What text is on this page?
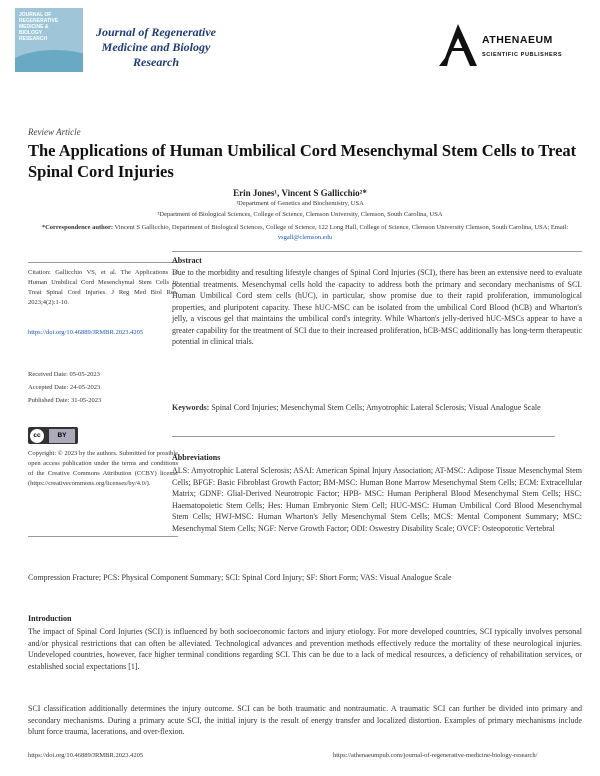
JOURNAL OF
REGENERATIVE
MEDICINE &
BIOLOGY
RESEARCH	Journal of Regenerative Medicine and Biology Research
ATHENAEUM
SCIENTIFIC PUBLISHERS
Review Article
The Applications of Human Umbilical Cord Mesenchymal Stem Cells to Treat Spinal Cord Injuries
Erin Jones¹, Vincent S Gallicchio²*
¹Department of Genetics and Biochemistry, USA
²Department of Biological Sciences, College of Science, Clemson University, Clemson, South Carolina, USA
*Correspondence author: Vincent S Gallicchio, Department of Biological Sciences, College of Science, 122 Long Hall, College of Science, Clemson University Clemson, South Carolina, USA; Email: vsgall@clemson.edu
Citation: Gallicchio VS, et al. The Applications of Human Umbilical Cord Mesenchymal Stem Cells to Treat Spinal Cord Injuries. J Reg Med Biol Res. 2023;4(2):1-10.
https://doi.org/10.46889/JRMBR.2023.4205
Received Date: 05-05-2023
Accepted Date: 24-05-2023
Published Date: 31-05-2023
cc	BY
Copyright: © 2023 by the authors. Submitted for possible open access publication under the terms and conditions of the Creative Commons Attribution (CCBY) license (https://creativecommons.org/licenses/by/4.0/).
Abstract
Due to the morbidity and resulting lifestyle changes of Spinal Cord Injuries (SCI), there has been an extensive need to evaluate potential treatments. Mesenchymal cells hold the capacity to address both the primary and secondary mechanisms of SCI. Human Umbilical Cord stem cells (hUC), in particular, show promise due to their rapid proliferation, immunological properties, and pluripotent capacity. These hUC-MSC can be isolated from the umbilical Cord Blood (hCB) and Wharton's jelly, a viscous gel that maintains the umbilical cord's integrity. While Wharton's jelly-derived hUC-MSCs appear to have a greater capability for the treatment of SCI due to their increased proliferation, hCB-MSC additionally has long-term therapeutic potential in clinical trials.
Keywords: Spinal Cord Injuries; Mesenchymal Stem Cells; Amyotrophic Lateral Sclerosis; Visual Analogue Scale
Abbreviations
ALS: Amyotrophic Lateral Sclerosis; ASAI: American Spinal Injury Association; AT-MSC: Adipose Tissue Mesenchymal Stem Cells; BFGF: Basic Fibroblast Growth Factor; BM-MSC: Human Bone Marrow Mesenchymal Stem Cells; ECM: Extracellular Matrix; GDNF: Glial-Derived Neurotropic Factor; HPB- MSC: Human Peripheral Blood Mesenchymal Stem Cells; HSC: Haematopoietic Stem Cells; Hes: Human Embryonic Stem Cell; HUC-MSC: Human Umbilical Cord Blood Mesenchymal Stem Cells; HWJ-MSC: Human Wharton's Jelly Mesenchymal Stem Cells; MCS: Mental Component Summary; MSC: Mesenchymal Stem Cells; NGF: Nerve Growth Factor; ODI: Oswestry Disability Scale; OVCF: Osteoporotic Vertebral
Compression Fracture; PCS: Physical Component Summary; SCI: Spinal Cord Injury; SF: Short Form; VAS: Visual Analogue Scale
Introduction
The impact of Spinal Cord Injuries (SCI) is influenced by both socioeconomic factors and injury etiology. For more developed countries, SCI typically involves personal and/or physical restrictions that can often be alleviated. Technological advances and prevention methods effectively reduce the mortality of these neurological injuries. Undeveloped countries, however, face higher terminal conditions regarding SCI. This can be due to a lack of medical resources, a deficiency of rehabilitation services, or established social expectations [1].
SCI classification additionally determines the injury outcome. SCI can be both traumatic and nontraumatic. A traumatic SCI can further be divided into primary and secondary mechanisms. During a primary acute SCI, the initial injury is the result of energy transfer and localized distortion. Examples of primary mechanisms include blunt force trauma, lacerations, and over-flexion.
https://doi.org/10.46889/JRMBR.2023.4205	https://athenaeumpub.com/journal-of-regenerative-medicine-biology-research/
